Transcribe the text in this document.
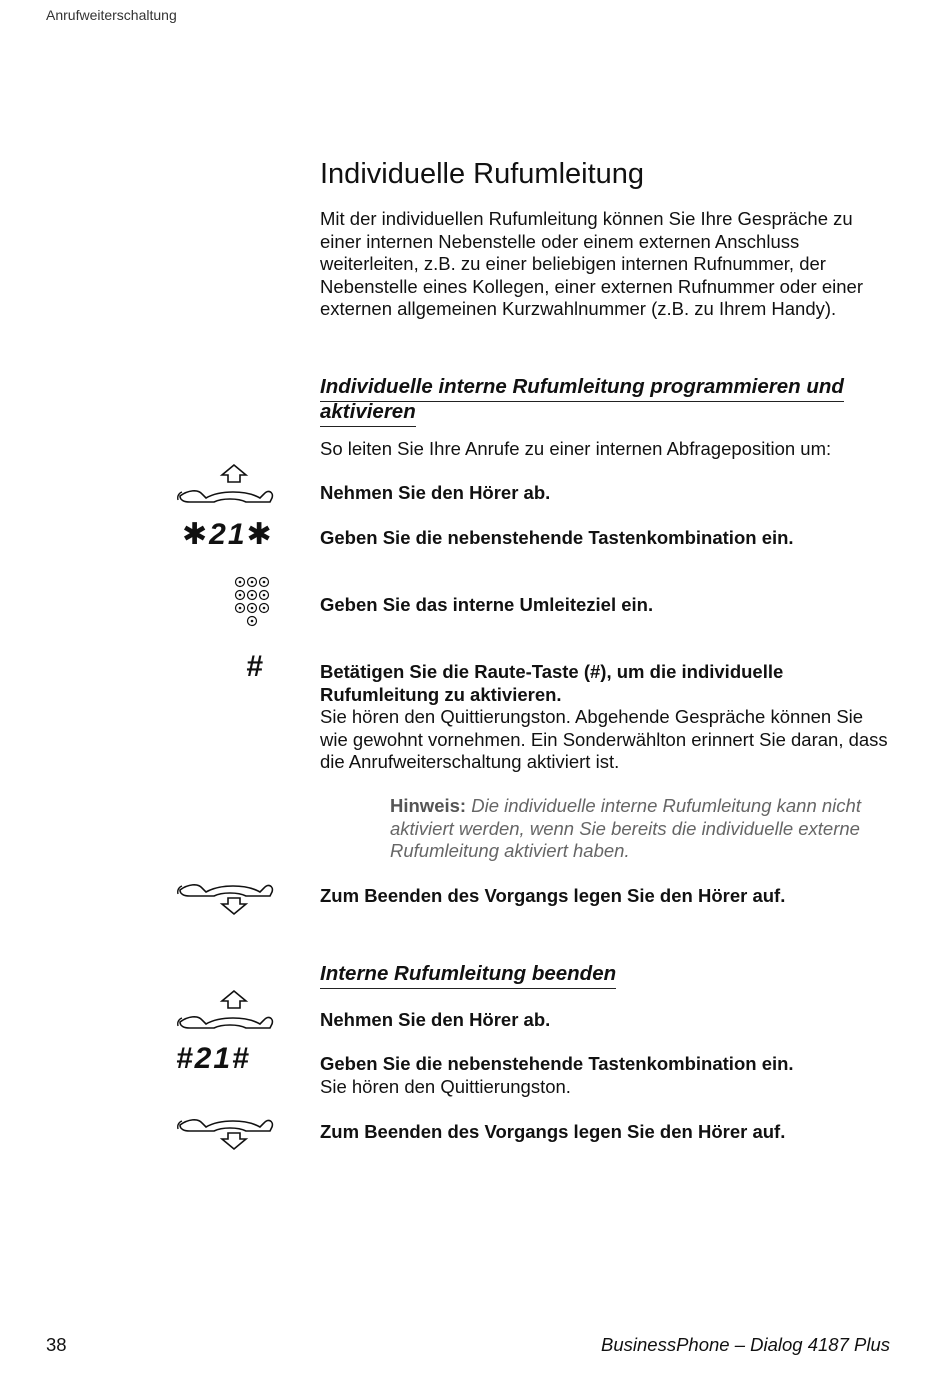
Anrufweiterschaltung
Individuelle Rufumleitung
Mit der individuellen Rufumleitung können Sie Ihre Gespräche zu einer internen Nebenstelle oder einem externen Anschluss weiterleiten, z.B. zu einer beliebigen internen Rufnummer, der Nebenstelle eines Kollegen, einer externen Rufnummer oder einer externen allgemeinen Kurzwahlnummer (z.B. zu Ihrem Handy).
Individuelle interne Rufumleitung programmieren und
aktivieren
So leiten Sie Ihre Anrufe zu einer internen Abfrageposition um:
Nehmen Sie den Hörer ab.
✱21✱	Geben Sie die nebenstehende Tastenkombination ein.
Geben Sie das interne Umleiteziel ein.
#	Betätigen Sie die Raute-Taste (#), um die individuelle Rufumleitung zu aktivieren.
Sie hören den Quittierungston. Abgehende Gespräche können Sie wie gewohnt vornehmen. Ein Sonderwählton erinnert Sie daran, dass die Anrufweiterschaltung aktiviert ist.
Hinweis: Die individuelle interne Rufumleitung kann nicht aktiviert werden, wenn Sie bereits die individuelle externe Rufumleitung aktiviert haben.
Zum Beenden des Vorgangs legen Sie den Hörer auf.
Interne Rufumleitung beenden
Nehmen Sie den Hörer ab.
#21#	Geben Sie die nebenstehende Tastenkombination ein.
Sie hören den Quittierungston.
Zum Beenden des Vorgangs legen Sie den Hörer auf.
38	BusinessPhone – Dialog 4187 Plus
